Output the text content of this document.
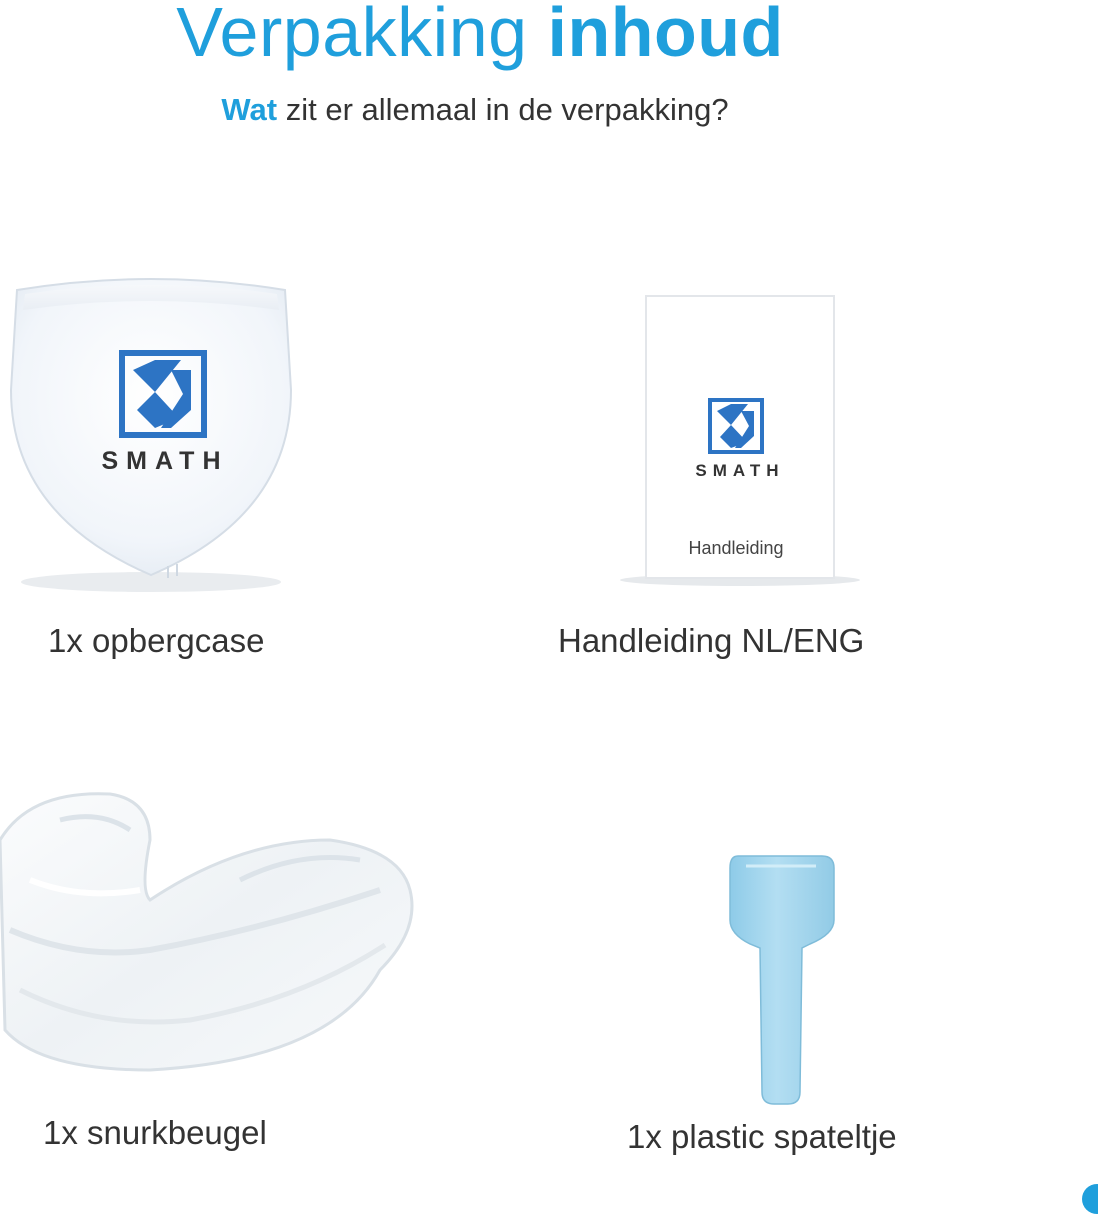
Verpakking inhoud
Wat zit er allemaal in de verpakking?
SMATH
1x opbergcase
SMATH
Handleiding
Handleiding NL/ENG
1x snurkbeugel	1x plastic spateltje
